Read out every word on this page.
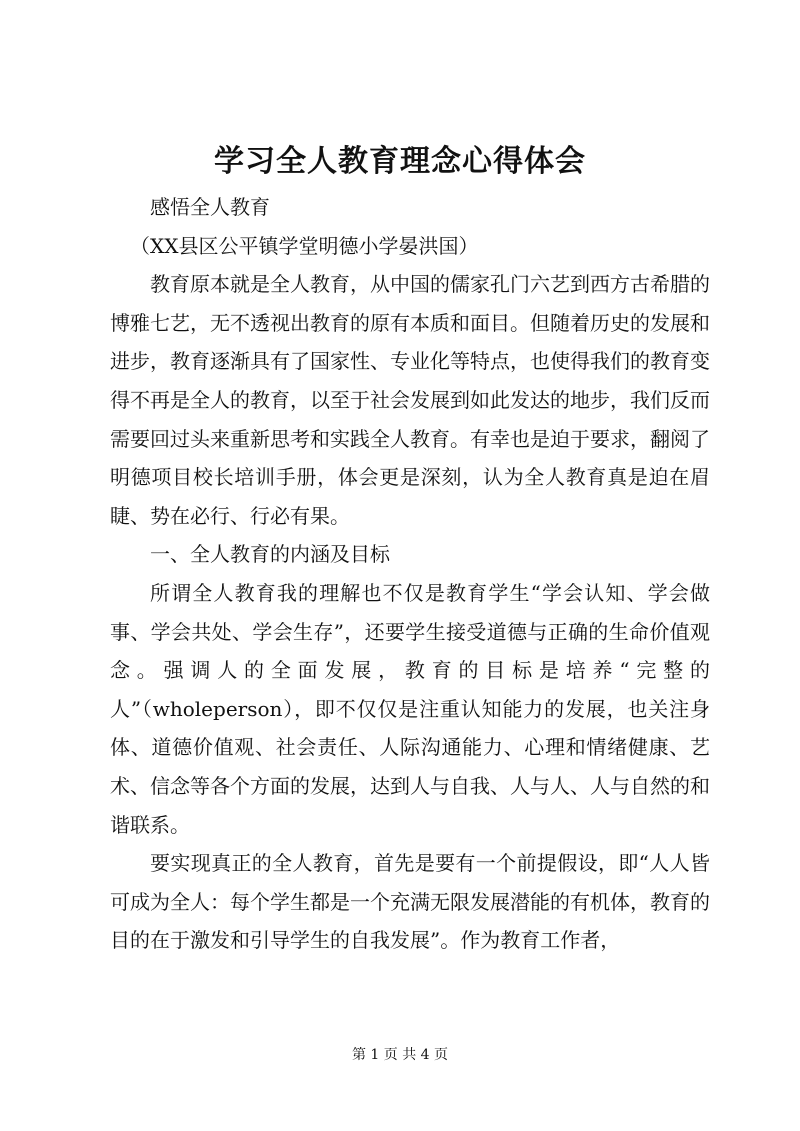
学习全人教育理念心得体会

感悟全人教育

（XX县区公平镇学堂明德小学晏洪国）

教育原本就是全人教育，从中国的儒家孔门六艺到西方古希腊的博雅七艺，无不透视出教育的原有本质和面目。但随着历史的发展和进步，教育逐渐具有了国家性、专业化等特点，也使得我们的教育变得不再是全人的教育，以至于社会发展到如此发达的地步，我们反而需要回过头来重新思考和实践全人教育。有幸也是迫于要求，翻阅了明德项目校长培训手册，体会更是深刻，认为全人教育真是迫在眉睫、势在必行、行必有果。

一、全人教育的内涵及目标

所谓全人教育我的理解也不仅是教育学生“学会认知、学会做事、学会共处、学会生存”，还要学生接受道德与正确的生命价值观念。强调人的全面发展，教育的目标是培养“完整的人”（wholeperson），即不仅仅是注重认知能力的发展，也关注身体、道德价值观、社会责任、人际沟通能力、心理和情绪健康、艺术、信念等各个方面的发展，达到人与自我、人与人、人与自然的和谐联系。

要实现真正的全人教育，首先是要有一个前提假设，即“人人皆可成为全人：每个学生都是一个充满无限发展潜能的有机体，教育的目的在于激发和引导学生的自我发展”。作为教育工作者，

第 1 页 共 4 页
